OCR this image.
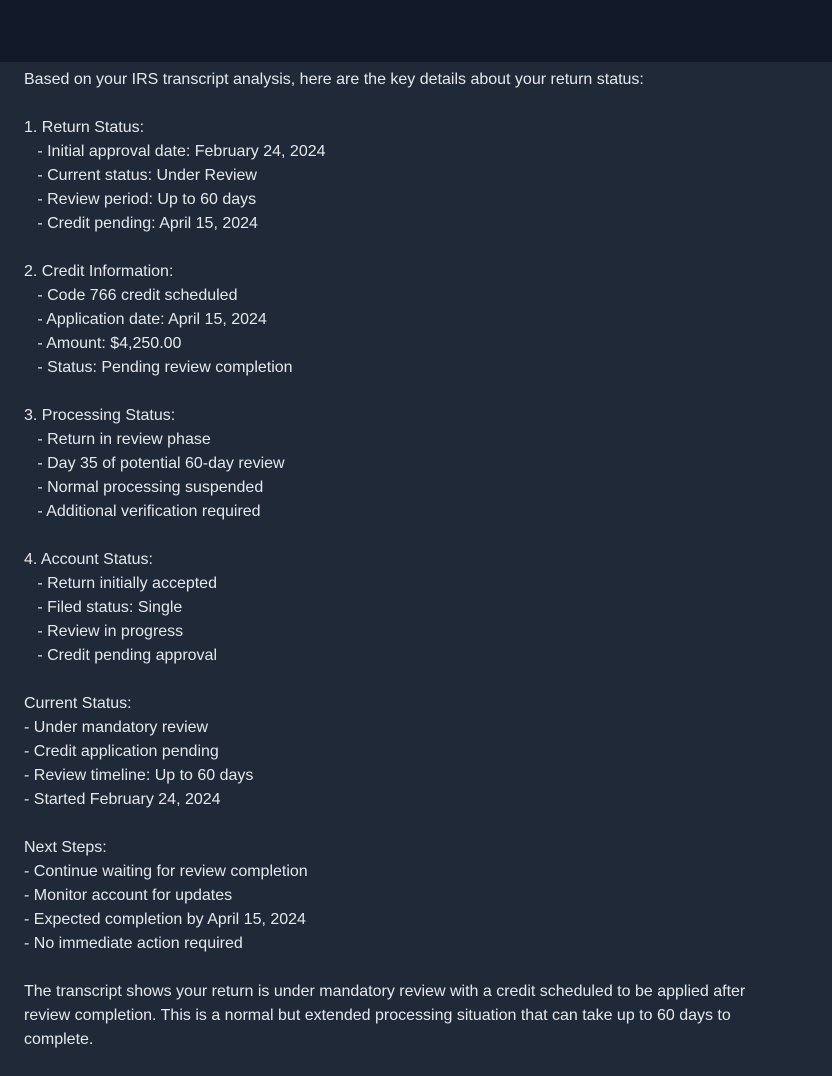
Based on your IRS transcript analysis, here are the key details about your return status:
1. Return Status:
- Initial approval date: February 24, 2024
- Current status: Under Review
- Review period: Up to 60 days
- Credit pending: April 15, 2024
2. Credit Information:
- Code 766 credit scheduled
- Application date: April 15, 2024
- Amount: $4,250.00
- Status: Pending review completion
3. Processing Status:
- Return in review phase
- Day 35 of potential 60-day review
- Normal processing suspended
- Additional verification required
4. Account Status:
- Return initially accepted
- Filed status: Single
- Review in progress
- Credit pending approval
Current Status:
- Under mandatory review
- Credit application pending
- Review timeline: Up to 60 days
- Started February 24, 2024
Next Steps:
- Continue waiting for review completion
- Monitor account for updates
- Expected completion by April 15, 2024
- No immediate action required
The transcript shows your return is under mandatory review with a credit scheduled to be applied after review completion. This is a normal but extended processing situation that can take up to 60 days to complete.
